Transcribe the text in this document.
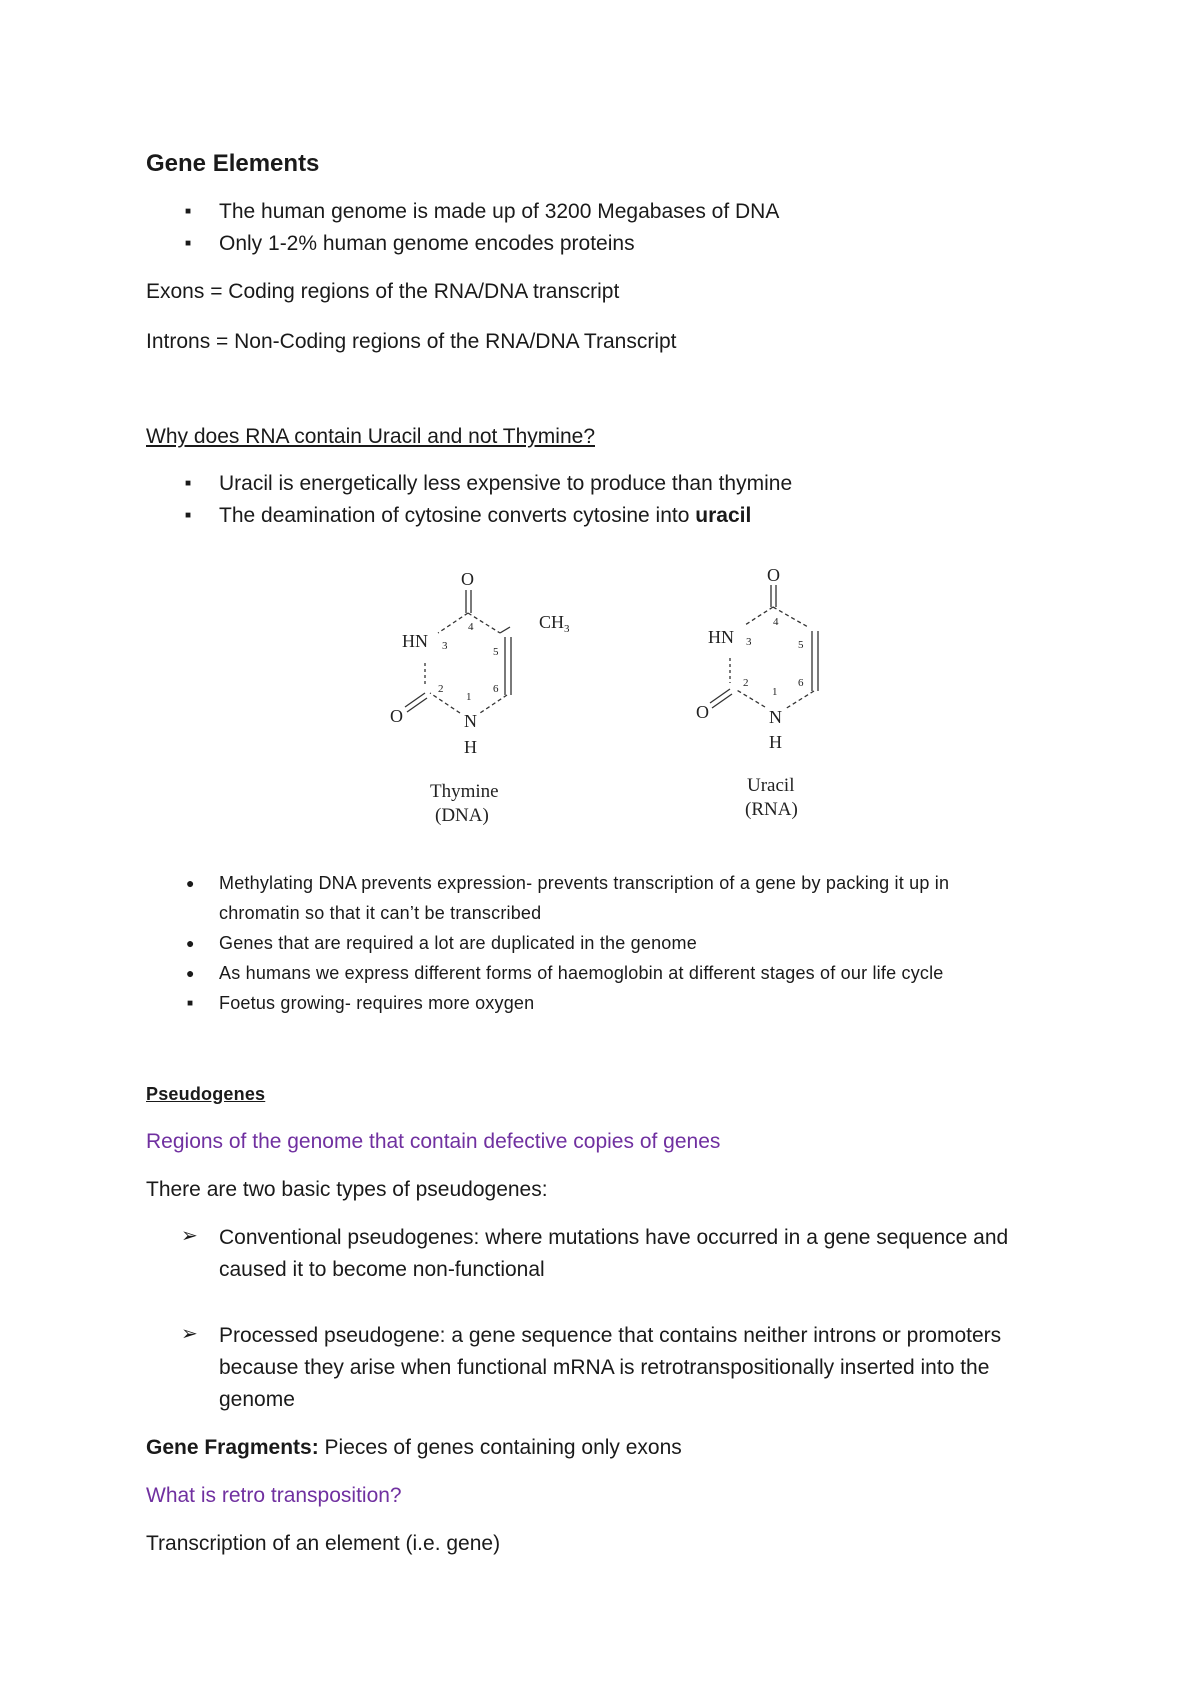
Gene Elements
■ The human genome is made up of 3200 Megabases of DNA
■ Only 1-2% human genome encodes proteins
Exons = Coding regions of the RNA/DNA transcript
Introns = Non-Coding regions of the RNA/DNA Transcript
Why does RNA contain Uracil and not Thymine?
■ Uracil is energetically less expensive to produce than thymine
■ The deamination of cytosine converts cytosine into uracil
O
HN 3
4
5
6
2
1
$CH_3$
O	N
H
Thymine
(DNA)
O
HN 3
4
5
6
2
1
O	N
H
Uracil
(RNA)
● Methylating DNA prevents expression- prevents transcription of a gene by packing it up in
chromatin so that it can’t be transcribed
● Genes that are required a lot are duplicated in the genome
● As humans we express different forms of haemoglobin at different stages of our life cycle
■ Foetus growing- requires more oxygen
Pseudogenes
Regions of the genome that contain defective copies of genes
There are two basic types of pseudogenes:
➢ Conventional pseudogenes: where mutations have occurred in a gene sequence and
caused it to become non-functional
➢ Processed pseudogene: a gene sequence that contains neither introns or promoters
because they arise when functional mRNA is retrotranspositionally inserted into the
genome
Gene Fragments: Pieces of genes containing only exons
What is retro transposition?
Transcription of an element (i.e. gene)
